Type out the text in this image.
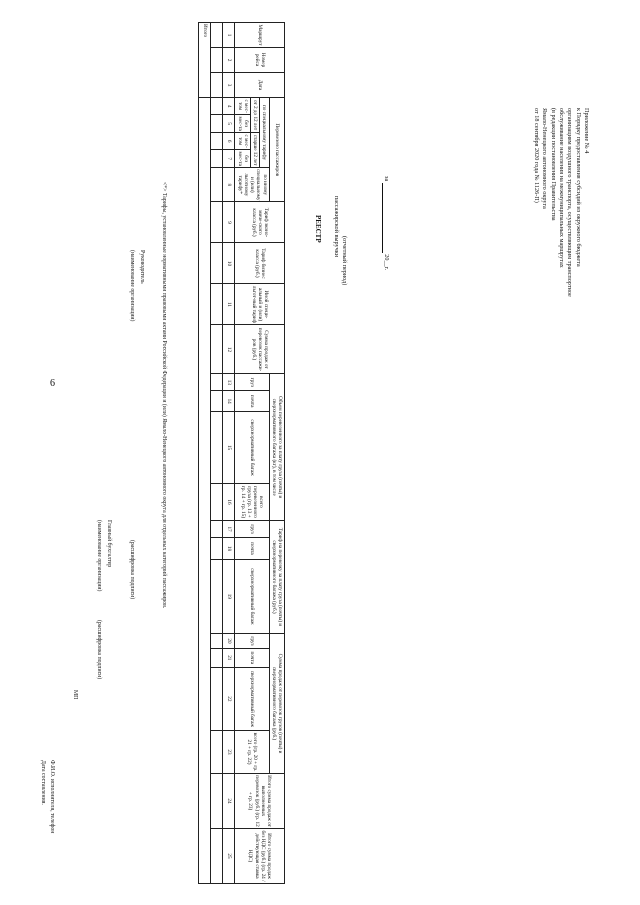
6
Приложение № 4
к Порядку предоставления субсидий из окружного бюджета
организациям воздушного транспорта, осуществляющим транспортное
обслуживание населения на межмуниципальных маршрутах
(в редакции постановления Правительства
Ямало-Ненецкого автономного округа
от 18 сентября 2020 года № 1126-П)
РЕЕСТР пассажирской выручки
за  20__г.
(отчетный период)
Маршрут	Номер рейса	Дата	Перевезено пассажиров					Тариф эконо-миче-ского класса (руб.)	Тариф бизнес класса (руб.)	Иной специ-альный и (или) льгот-ный тариф	Сумма продаж от перевозок пассажи-ров (руб.)	Объем перевезенного за плату груза (почты) и сверхнормативного багажа (кг), в том числе				Тариф на перевозку за плату груза (почты) и сверхнормативного багажа (руб.)			Сумма продаж от перевозок грузов (почты) и сверхнормативного багажа (руб.)				Итого сумма продаж от выполненных перевозок (руб.) (гр. 12 + гр. 23)	Итого сумма продаж без НДС (руб.) (гр. 24 / действующая ставка НДС)
			по специальному тарифу				по иному специальному и (или) льготному тарифу*					груз	почта	сверхнормативный багаж	всего перевезенного груза (гр. 13 + гр. 14 + гр. 15)	груз	почта	сверхнормативный багаж	груз	почта	сверхнормативный багаж	всего (гр. 20 + гр. 21 + гр. 22)		
			от 2 до 12 лет		старше 12 лет																			
			с мес-том	без мес-та	с мес-том	без мес-та																		
1	2	3	4	5	6	7	8	9	10	11	12	13	14	15	16	17	18	19	20	21	22	23	24	25

Итого																								
<*> Тарифы, установленные нормативными правовыми актами Российской Федерации и (или) Ямало-Ненецкого автономного округа для отдельных категорий пассажиров.
Руководитель
(наименование организации)
(расшифровка подписи)
Главный бухгалтер
(наименование организации)
(расшифровка подписи)
МП
Ф.И.О. исполнителя, телефон
Дата составления.
